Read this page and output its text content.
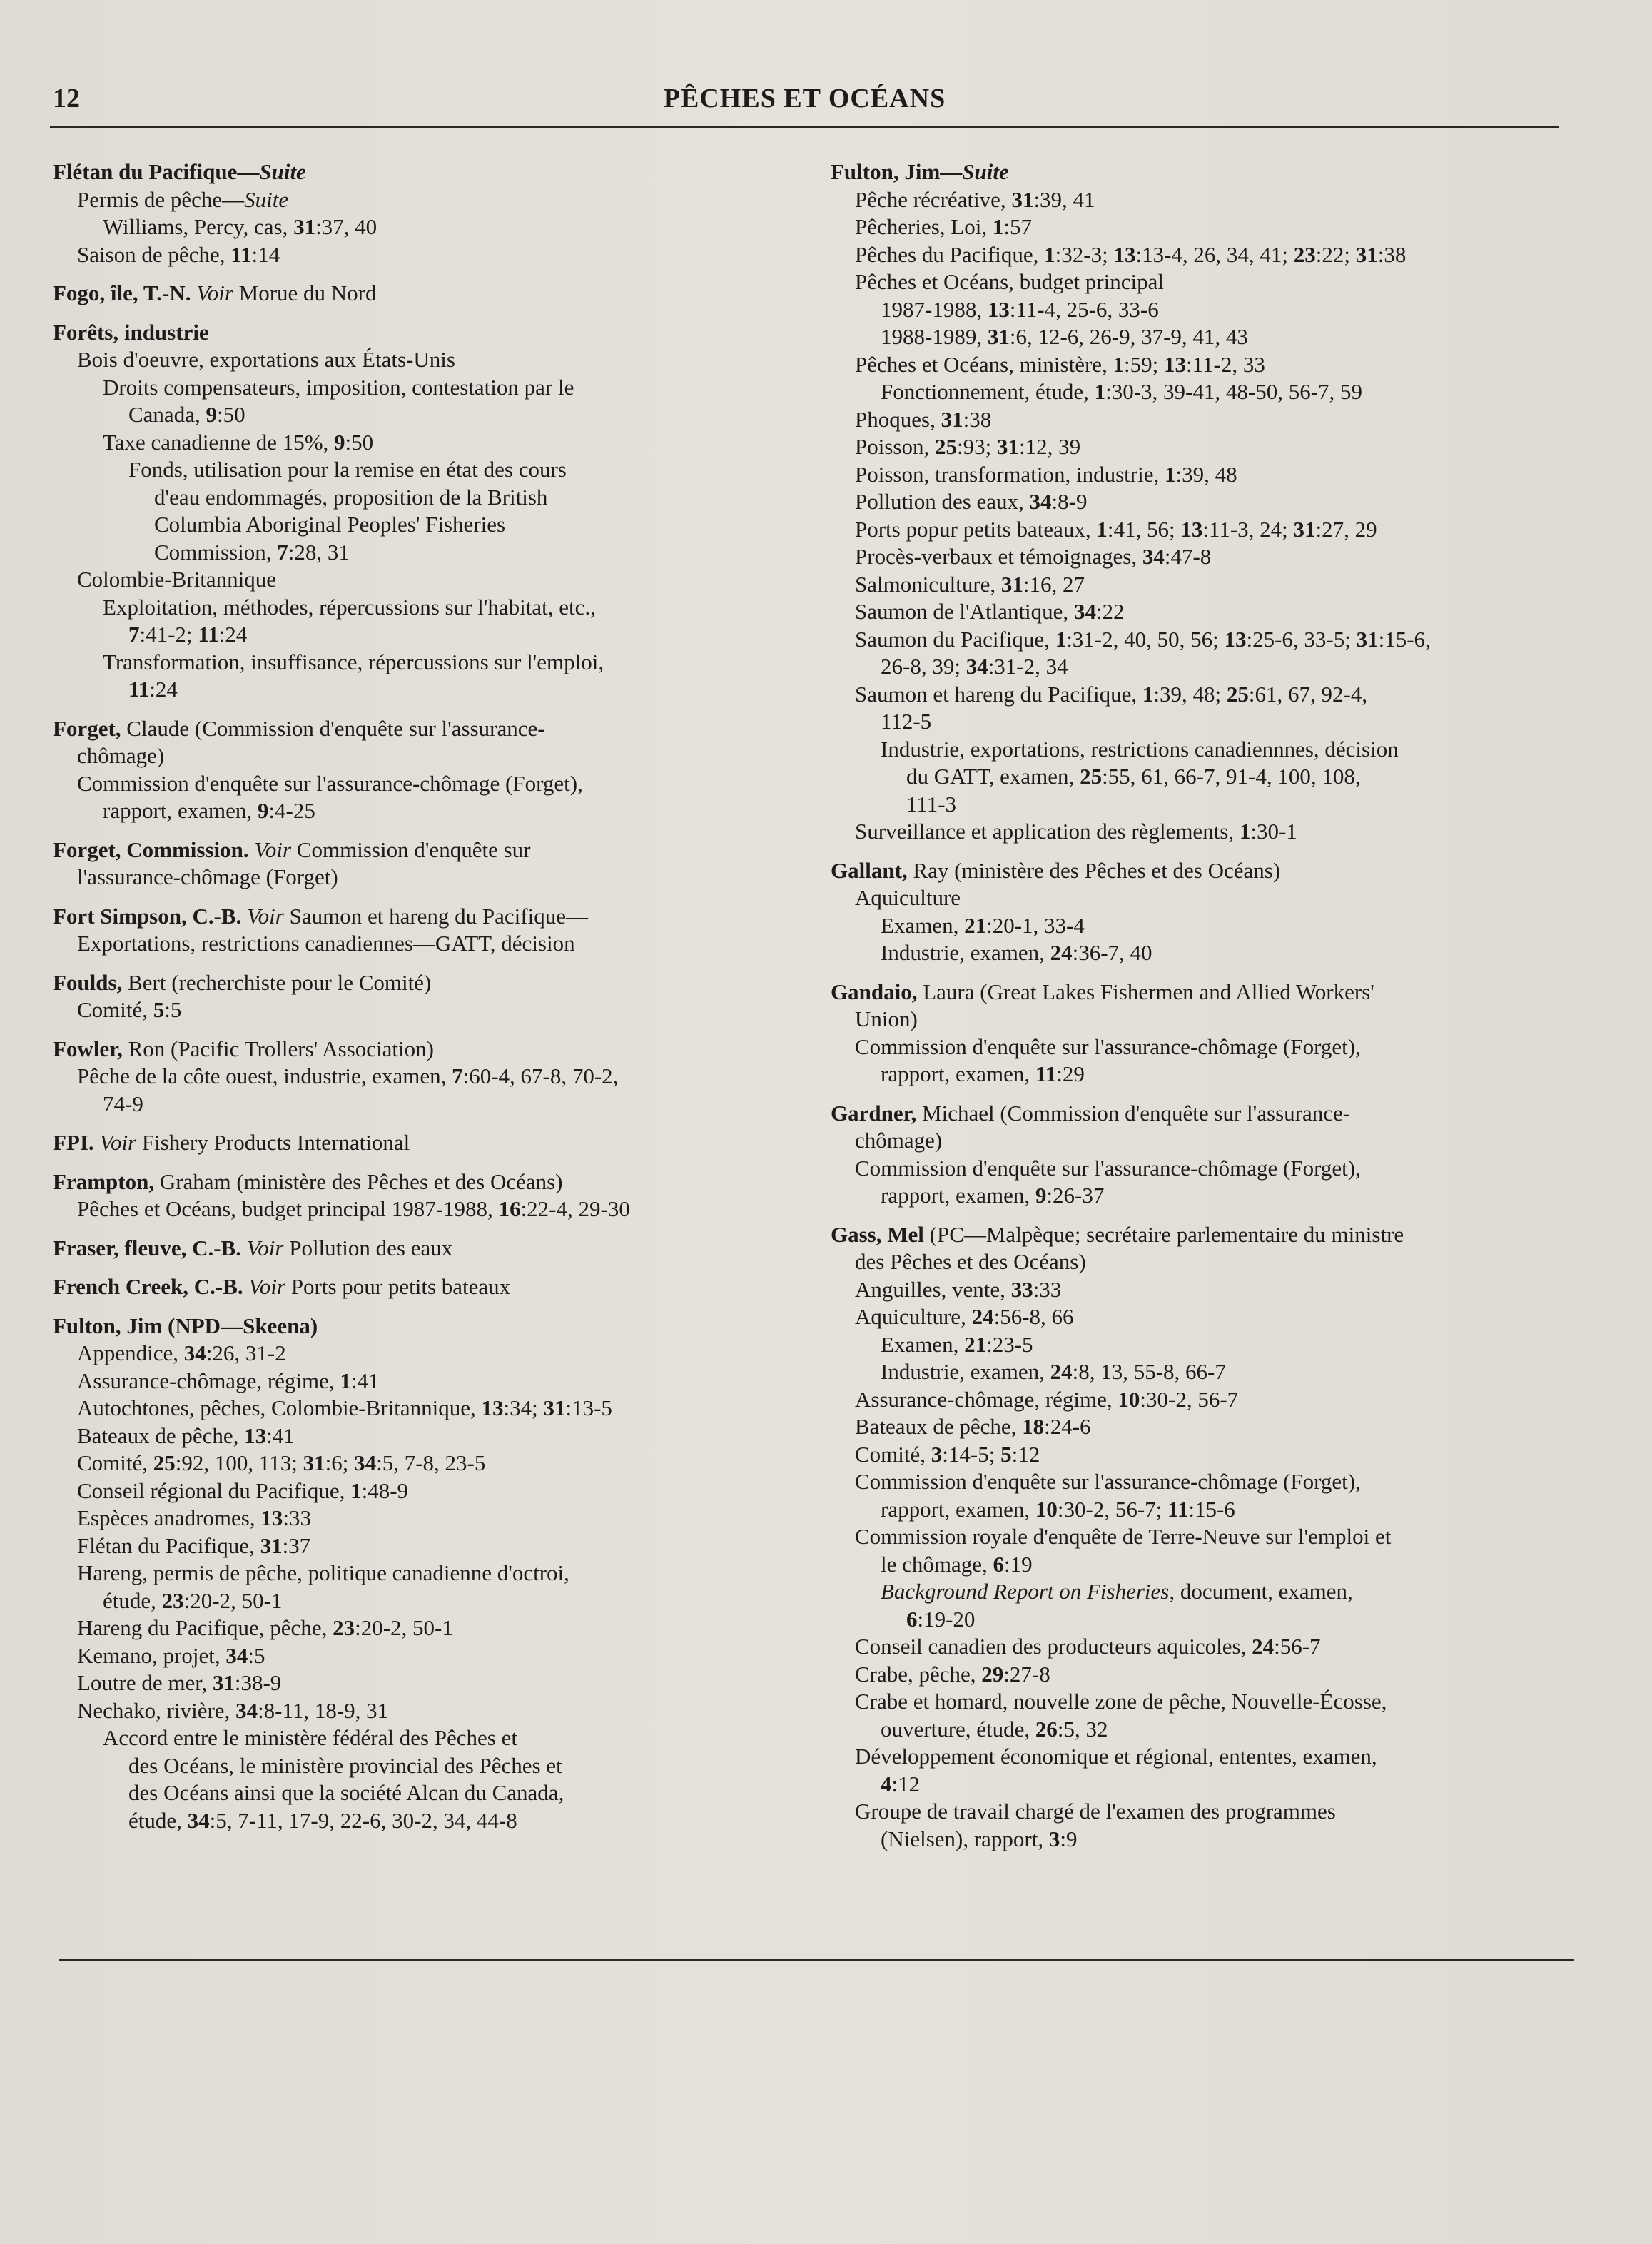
12	PÊCHES ET OCÉANS
Flétan du Pacifique—Suite
Permis de pêche—Suite
Williams, Percy, cas, 31:37, 40
Saison de pêche, 11:14
Fogo, île, T.-N. Voir Morue du Nord
Forêts, industrie
Bois d'oeuvre, exportations aux États-Unis
Droits compensateurs, imposition, contestation par le
Canada, 9:50
Taxe canadienne de 15%, 9:50
Fonds, utilisation pour la remise en état des cours
d'eau endommagés, proposition de la British
Columbia Aboriginal Peoples' Fisheries
Commission, 7:28, 31
Colombie-Britannique
Exploitation, méthodes, répercussions sur l'habitat, etc.,
7:41-2; 11:24
Transformation, insuffisance, répercussions sur l'emploi,
11:24
Forget, Claude (Commission d'enquête sur l'assurance-
chômage)
Commission d'enquête sur l'assurance-chômage (Forget),
rapport, examen, 9:4-25
Forget, Commission. Voir Commission d'enquête sur
l'assurance-chômage (Forget)
Fort Simpson, C.-B. Voir Saumon et hareng du Pacifique—
Exportations, restrictions canadiennes—GATT, décision
Foulds, Bert (recherchiste pour le Comité)
Comité, 5:5
Fowler, Ron (Pacific Trollers' Association)
Pêche de la côte ouest, industrie, examen, 7:60-4, 67-8, 70-2,
74-9
FPI. Voir Fishery Products International
Frampton, Graham (ministère des Pêches et des Océans)
Pêches et Océans, budget principal 1987-1988, 16:22-4, 29-30
Fraser, fleuve, C.-B. Voir Pollution des eaux
French Creek, C.-B. Voir Ports pour petits bateaux
Fulton, Jim (NPD—Skeena)
Appendice, 34:26, 31-2
Assurance-chômage, régime, 1:41
Autochtones, pêches, Colombie-Britannique, 13:34; 31:13-5
Bateaux de pêche, 13:41
Comité, 25:92, 100, 113; 31:6; 34:5, 7-8, 23-5
Conseil régional du Pacifique, 1:48-9
Espèces anadromes, 13:33
Flétan du Pacifique, 31:37
Hareng, permis de pêche, politique canadienne d'octroi,
étude, 23:20-2, 50-1
Hareng du Pacifique, pêche, 23:20-2, 50-1
Kemano, projet, 34:5
Loutre de mer, 31:38-9
Nechako, rivière, 34:8-11, 18-9, 31
Accord entre le ministère fédéral des Pêches et
des Océans, le ministère provincial des Pêches et
des Océans ainsi que la société Alcan du Canada,
étude, 34:5, 7-11, 17-9, 22-6, 30-2, 34, 44-8
Fulton, Jim—Suite
Pêche récréative, 31:39, 41
Pêcheries, Loi, 1:57
Pêches du Pacifique, 1:32-3; 13:13-4, 26, 34, 41; 23:22; 31:38
Pêches et Océans, budget principal
1987-1988, 13:11-4, 25-6, 33-6
1988-1989, 31:6, 12-6, 26-9, 37-9, 41, 43
Pêches et Océans, ministère, 1:59; 13:11-2, 33
Fonctionnement, étude, 1:30-3, 39-41, 48-50, 56-7, 59
Phoques, 31:38
Poisson, 25:93; 31:12, 39
Poisson, transformation, industrie, 1:39, 48
Pollution des eaux, 34:8-9
Ports popur petits bateaux, 1:41, 56; 13:11-3, 24; 31:27, 29
Procès-verbaux et témoignages, 34:47-8
Salmoniculture, 31:16, 27
Saumon de l'Atlantique, 34:22
Saumon du Pacifique, 1:31-2, 40, 50, 56; 13:25-6, 33-5; 31:15-6,
26-8, 39; 34:31-2, 34
Saumon et hareng du Pacifique, 1:39, 48; 25:61, 67, 92-4,
112-5
Industrie, exportations, restrictions canadiennnes, décision
du GATT, examen, 25:55, 61, 66-7, 91-4, 100, 108,
111-3
Surveillance et application des règlements, 1:30-1
Gallant, Ray (ministère des Pêches et des Océans)
Aquiculture
Examen, 21:20-1, 33-4
Industrie, examen, 24:36-7, 40
Gandaio, Laura (Great Lakes Fishermen and Allied Workers'
Union)
Commission d'enquête sur l'assurance-chômage (Forget),
rapport, examen, 11:29
Gardner, Michael (Commission d'enquête sur l'assurance-
chômage)
Commission d'enquête sur l'assurance-chômage (Forget),
rapport, examen, 9:26-37
Gass, Mel (PC—Malpèque; secrétaire parlementaire du ministre
des Pêches et des Océans)
Anguilles, vente, 33:33
Aquiculture, 24:56-8, 66
Examen, 21:23-5
Industrie, examen, 24:8, 13, 55-8, 66-7
Assurance-chômage, régime, 10:30-2, 56-7
Bateaux de pêche, 18:24-6
Comité, 3:14-5; 5:12
Commission d'enquête sur l'assurance-chômage (Forget),
rapport, examen, 10:30-2, 56-7; 11:15-6
Commission royale d'enquête de Terre-Neuve sur l'emploi et
le chômage, 6:19
Background Report on Fisheries, document, examen,
6:19-20
Conseil canadien des producteurs aquicoles, 24:56-7
Crabe, pêche, 29:27-8
Crabe et homard, nouvelle zone de pêche, Nouvelle-Écosse,
ouverture, étude, 26:5, 32
Développement économique et régional, ententes, examen,
4:12
Groupe de travail chargé de l'examen des programmes
(Nielsen), rapport, 3:9
